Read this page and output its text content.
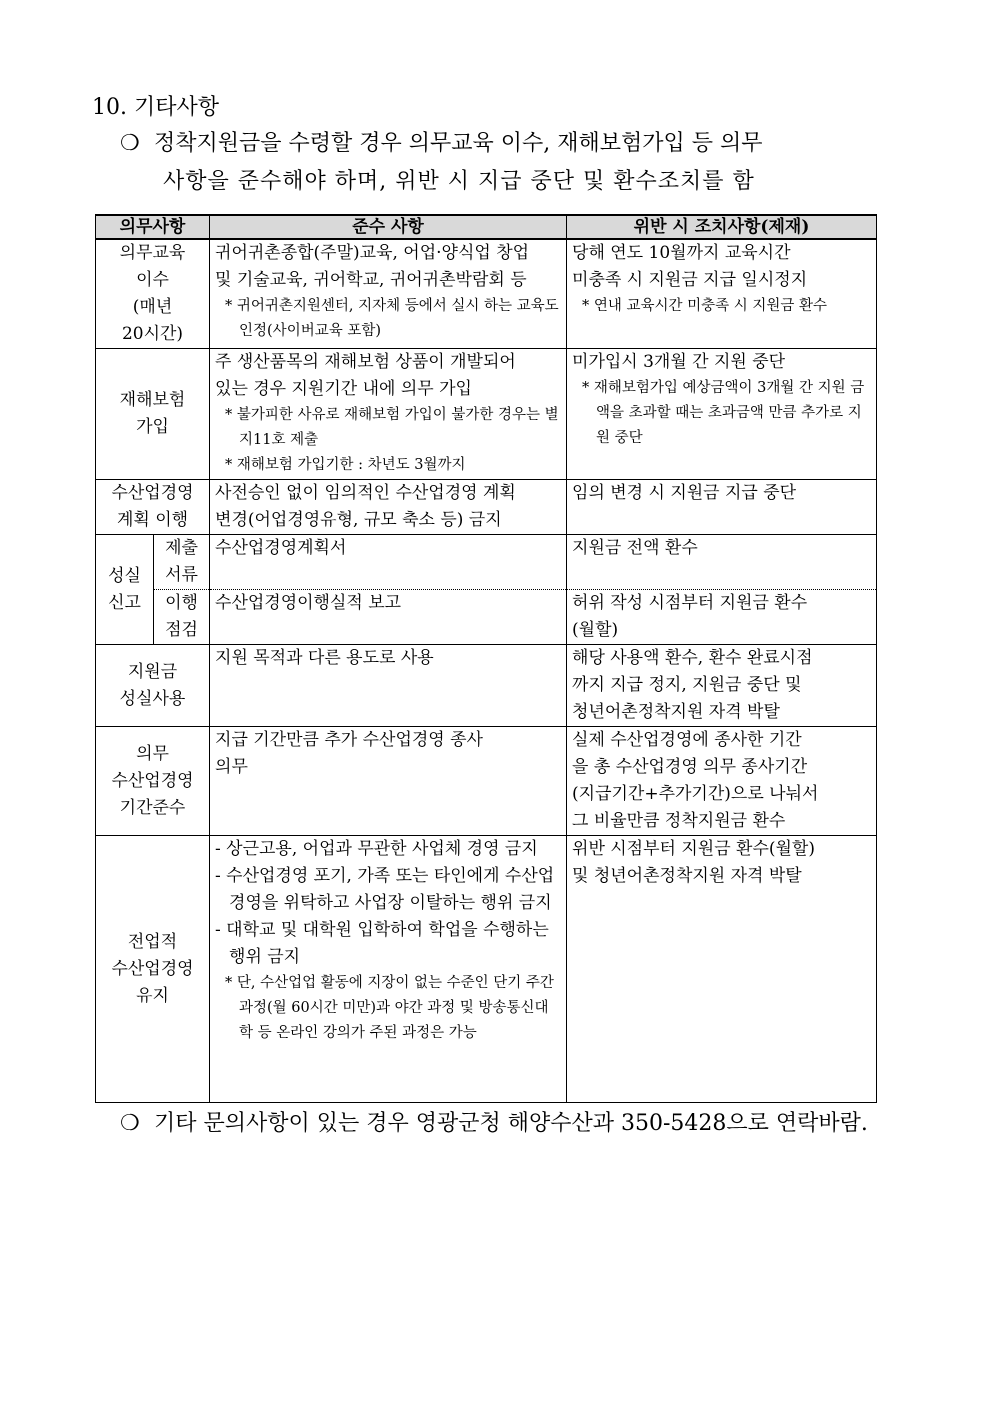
10. 기타사항
❍ 정착지원금을 수령할 경우 의무교육 이수, 재해보험가입 등 의무
사항을 준수해야 하며, 위반 시 지급 중단 및 환수조치를 함
의무사항		준수 사항	위반 시 조치사항(제재)

의무교육
이수
(매년
20시간)		귀어귀촌종합(주말)교육, 어업·양식업 창업
및 기술교육, 귀어학교, 귀어귀촌박람회 등
* 귀어귀촌지원센터, 지자체 등에서 실시 하는 교육도 인정(사이버교육 포함)	당해 연도 10월까지 교육시간
미충족 시 지원금 지급 일시정지
* 연내 교육시간 미충족 시 지원금 환수

재해보험
가입		주 생산품목의 재해보험 상품이 개발되어
있는 경우 지원기간 내에 의무 가입
* 불가피한 사유로 재해보험 가입이 불가한 경우는 별지11호 제출
* 재해보험 가입기한 : 차년도 3월까지	미가입시 3개월 간 지원 중단
* 재해보험가입 예상금액이 3개월 간 지원 금액을 초과할 때는 초과금액 만큼 추가로 지원 중단

수산업경영
계획 이행		사전승인 없이 임의적인 수산업경영 계획
변경(어업경영유형, 규모 축소 등) 금지	임의 변경 시 지원금 지급 중단

성실
신고	제출
서류	수산업경영계획서	지원금 전액 환수

	이행
점검	수산업경영이행실적 보고	허위 작성 시점부터 지원금 환수
(월할)

지원금
성실사용		지원 목적과 다른 용도로 사용	해당 사용액 환수, 환수 완료시점
까지 지급 정지, 지원금 중단 및
청년어촌정착지원 자격 박탈

의무
수산업경영
기간준수		지급 기간만큼 추가 수산업경영 종사
의무	실제 수산업경영에 종사한 기간
을 총 수산업경영 의무 종사기간
(지급기간+추가기간)으로 나눠서
그 비율만큼 정착지원금 환수

전업적
수산업경영
유지		- 상근고용, 어업과 무관한 사업체 경영 금지
- 수산업경영 포기, 가족 또는 타인에게 수산업경영을 위탁하고 사업장 이탈하는 행위 금지
- 대학교 및 대학원 입학하여 학업을 수행하는 행위 금지
* 단, 수산업업 활동에 지장이 없는 수준인 단기 주간 과정(월 60시간 미만)과 야간 과정 및 방송통신대학 등 온라인 강의가 주된 과정은 가능	위반 시점부터 지원금 환수(월할)
및 청년어촌정착지원 자격 박탈
❍ 기타 문의사항이 있는 경우 영광군청 해양수산과 350-5428으로 연락바람.
